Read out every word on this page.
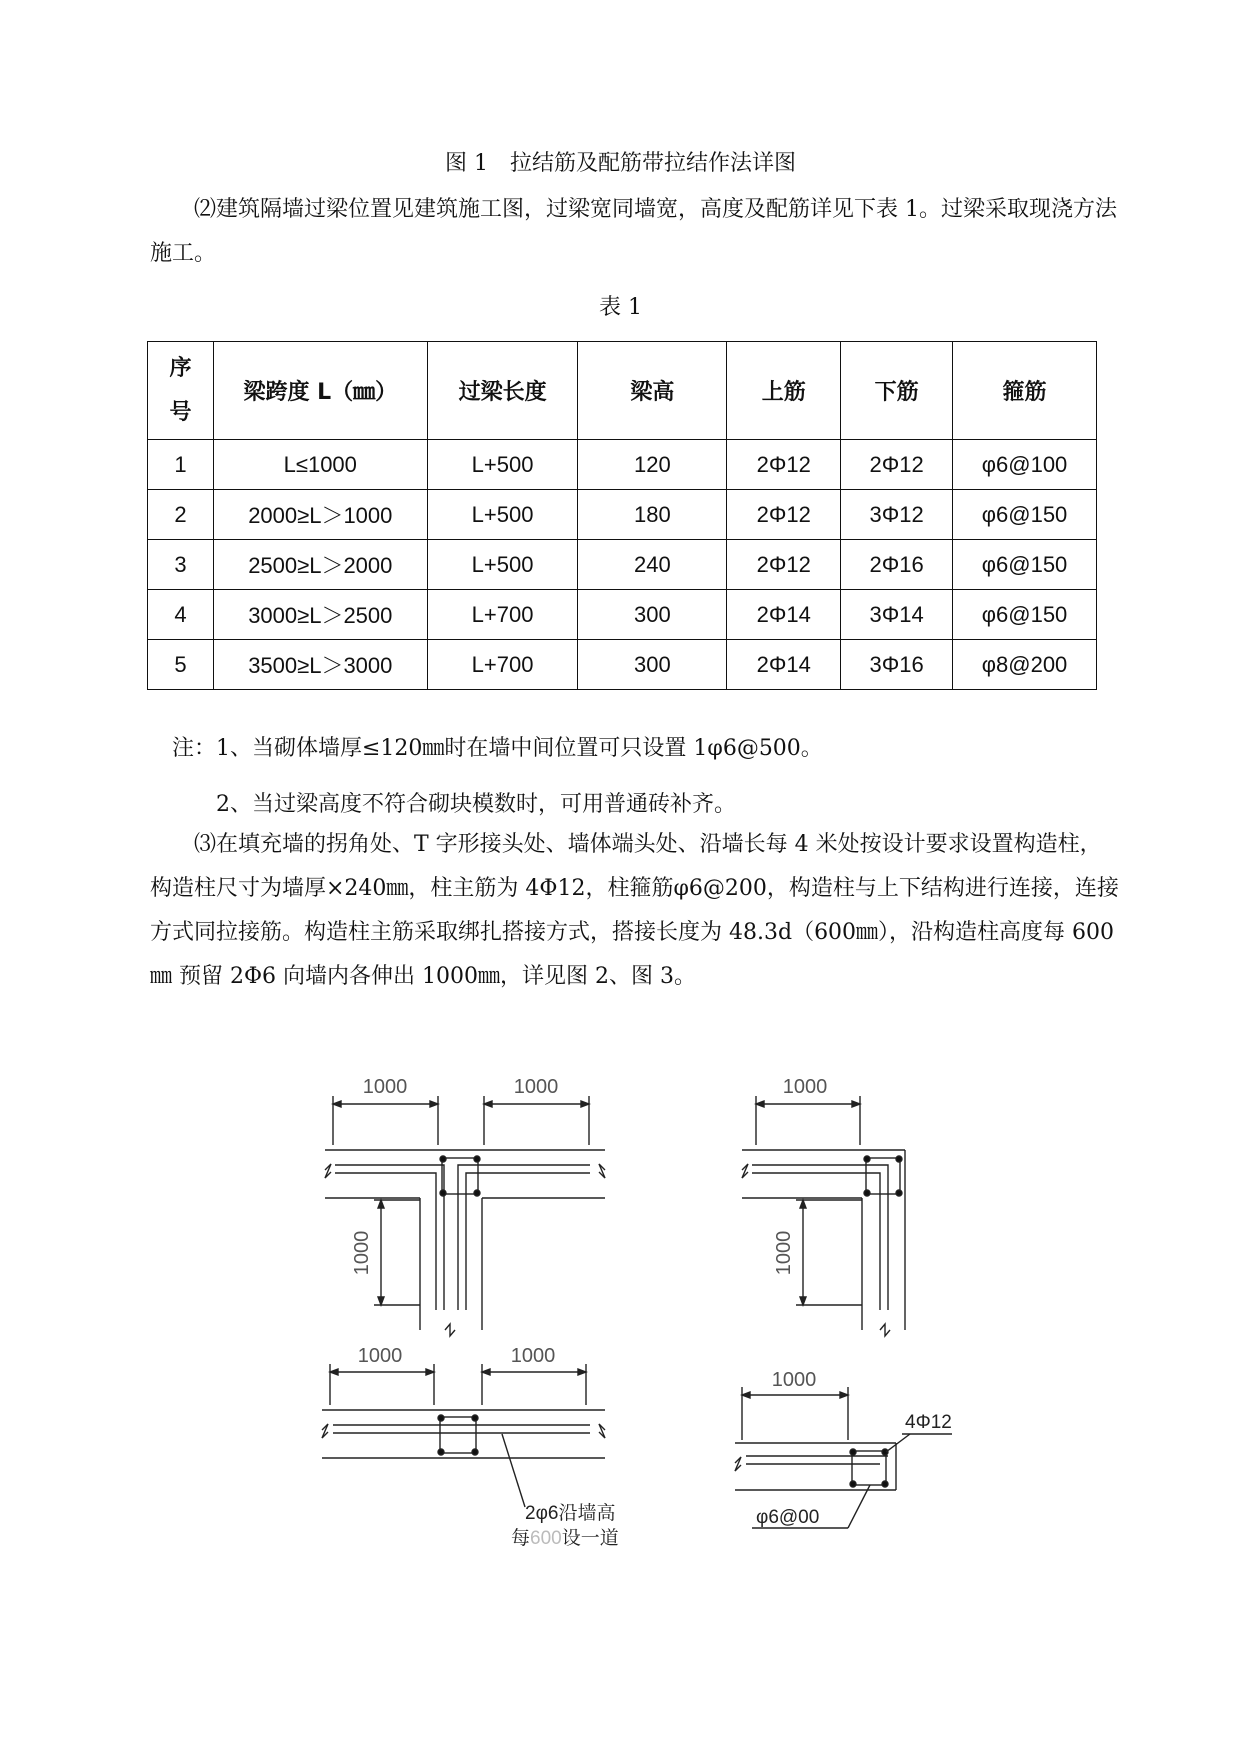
图 1　拉结筋及配筋带拉结作法详图
⑵建筑隔墙过梁位置见建筑施工图，过梁宽同墙宽，高度及配筋详见下表 1。过梁采取现浇方法施工。
表 1
序号	梁跨度 L（㎜）	过梁长度	梁高	上筋	下筋	箍筋
1	L≤1000	L+500	120	2Φ12	2Φ12	φ6@100
2	2000≥L＞1000	L+500	180	2Φ12	3Φ12	φ6@150
3	2500≥L＞2000	L+500	240	2Φ12	2Φ16	φ6@150
4	3000≥L＞2500	L+700	300	2Φ14	3Φ14	φ6@150
5	3500≥L＞3000	L+700	300	2Φ14	3Φ16	φ8@200
注：1、当砌体墙厚≤120㎜时在墙中间位置可只设置 1φ6@500。
2、当过梁高度不符合砌块模数时，可用普通砖补齐。
⑶在填充墙的拐角处、T 字形接头处、墙体端头处、沿墙长每 4 米处按设计要求设置构造柱，构造柱尺寸为墙厚×240㎜，柱主筋为 4Φ12，柱箍筋φ6@200，构造柱与上下结构进行连接，连接方式同拉接筋。构造柱主筋采取绑扎搭接方式，搭接长度为 48.3d（600㎜），沿构造柱高度每 600㎜ 预留 2Φ6 向墙内各伸出 1000㎜，详见图 2、图 3。
1000	1000
1000
1000
1000
1000	1000
2φ6沿墙高
每600设一道
1000
4Φ12
φ6@00
